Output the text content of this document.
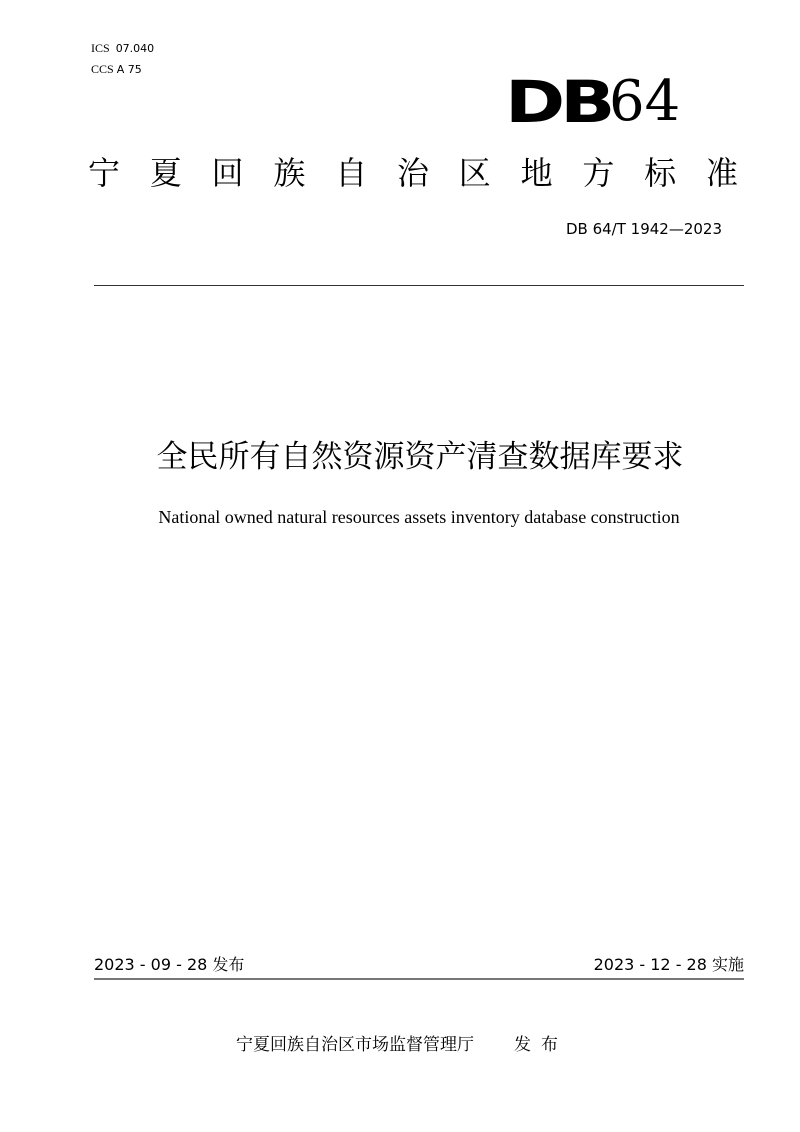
ICS 07.040
CCS A 75	DB
64
宁 夏 回 族 自 治 区 地 方 标 准
DB 64/T 1942—2023
全民所有自然资源资产清查数据库要求
National owned natural resources assets inventory database construction
2023 - 09 - 28 发布	2023 - 12 - 28 实施
宁夏回族自治区市场监督管理厅 发布
